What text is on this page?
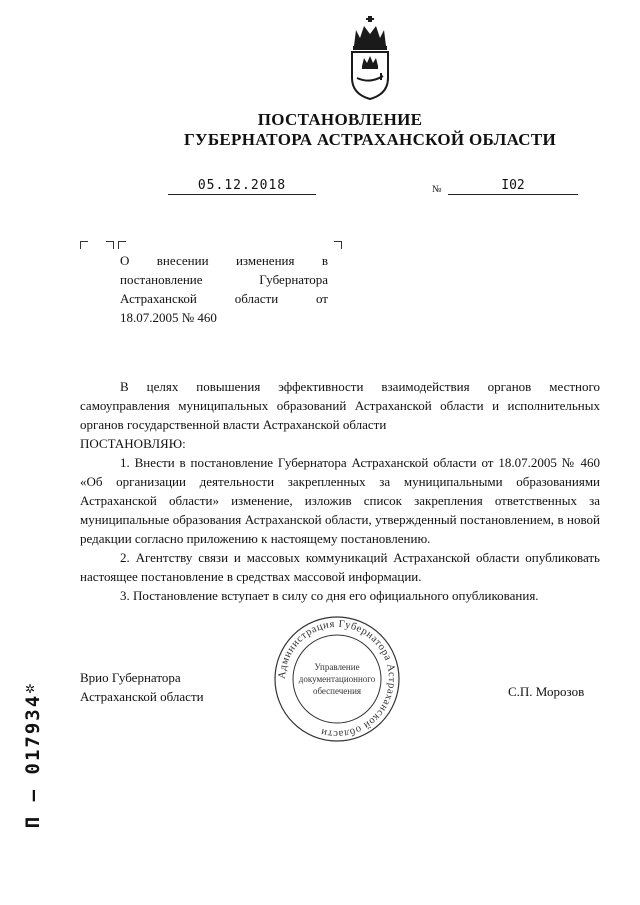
ПОСТАНОВЛЕНИЕ
ГУБЕРНАТОРА АСТРАХАНСКОЙ ОБЛАСТИ
05.12.2018	№	I02
О внесении изменения в
постановление Губернатора
Астраханской области от
18.07.2005 № 460

В целях повышения эффективности взаимодействия органов местного самоуправления муниципальных образований Астраханской области и исполнительных органов государственной власти Астраханской области

ПОСТАНОВЛЯЮ:

1. Внести в постановление Губернатора Астраханской области от 18.07.2005 № 460 «Об организации деятельности закрепленных за муниципальными образованиями Астраханской области» изменение, изложив список закрепления ответственных за муниципальные образования Астраханской области, утвержденный постановлением, в новой редакции согласно приложению к настоящему постановлению.

2. Агентству связи и массовых коммуникаций Астраханской области опубликовать настоящее постановление в средствах массовой информации.

3. Постановление вступает в силу со дня его официального опубликования.

Врио Губернатора
Астраханской области	С.П. Морозов
Администрация Губернатора Астраханской области
Управление
документационного
обеспечения
✲
П – 017934
